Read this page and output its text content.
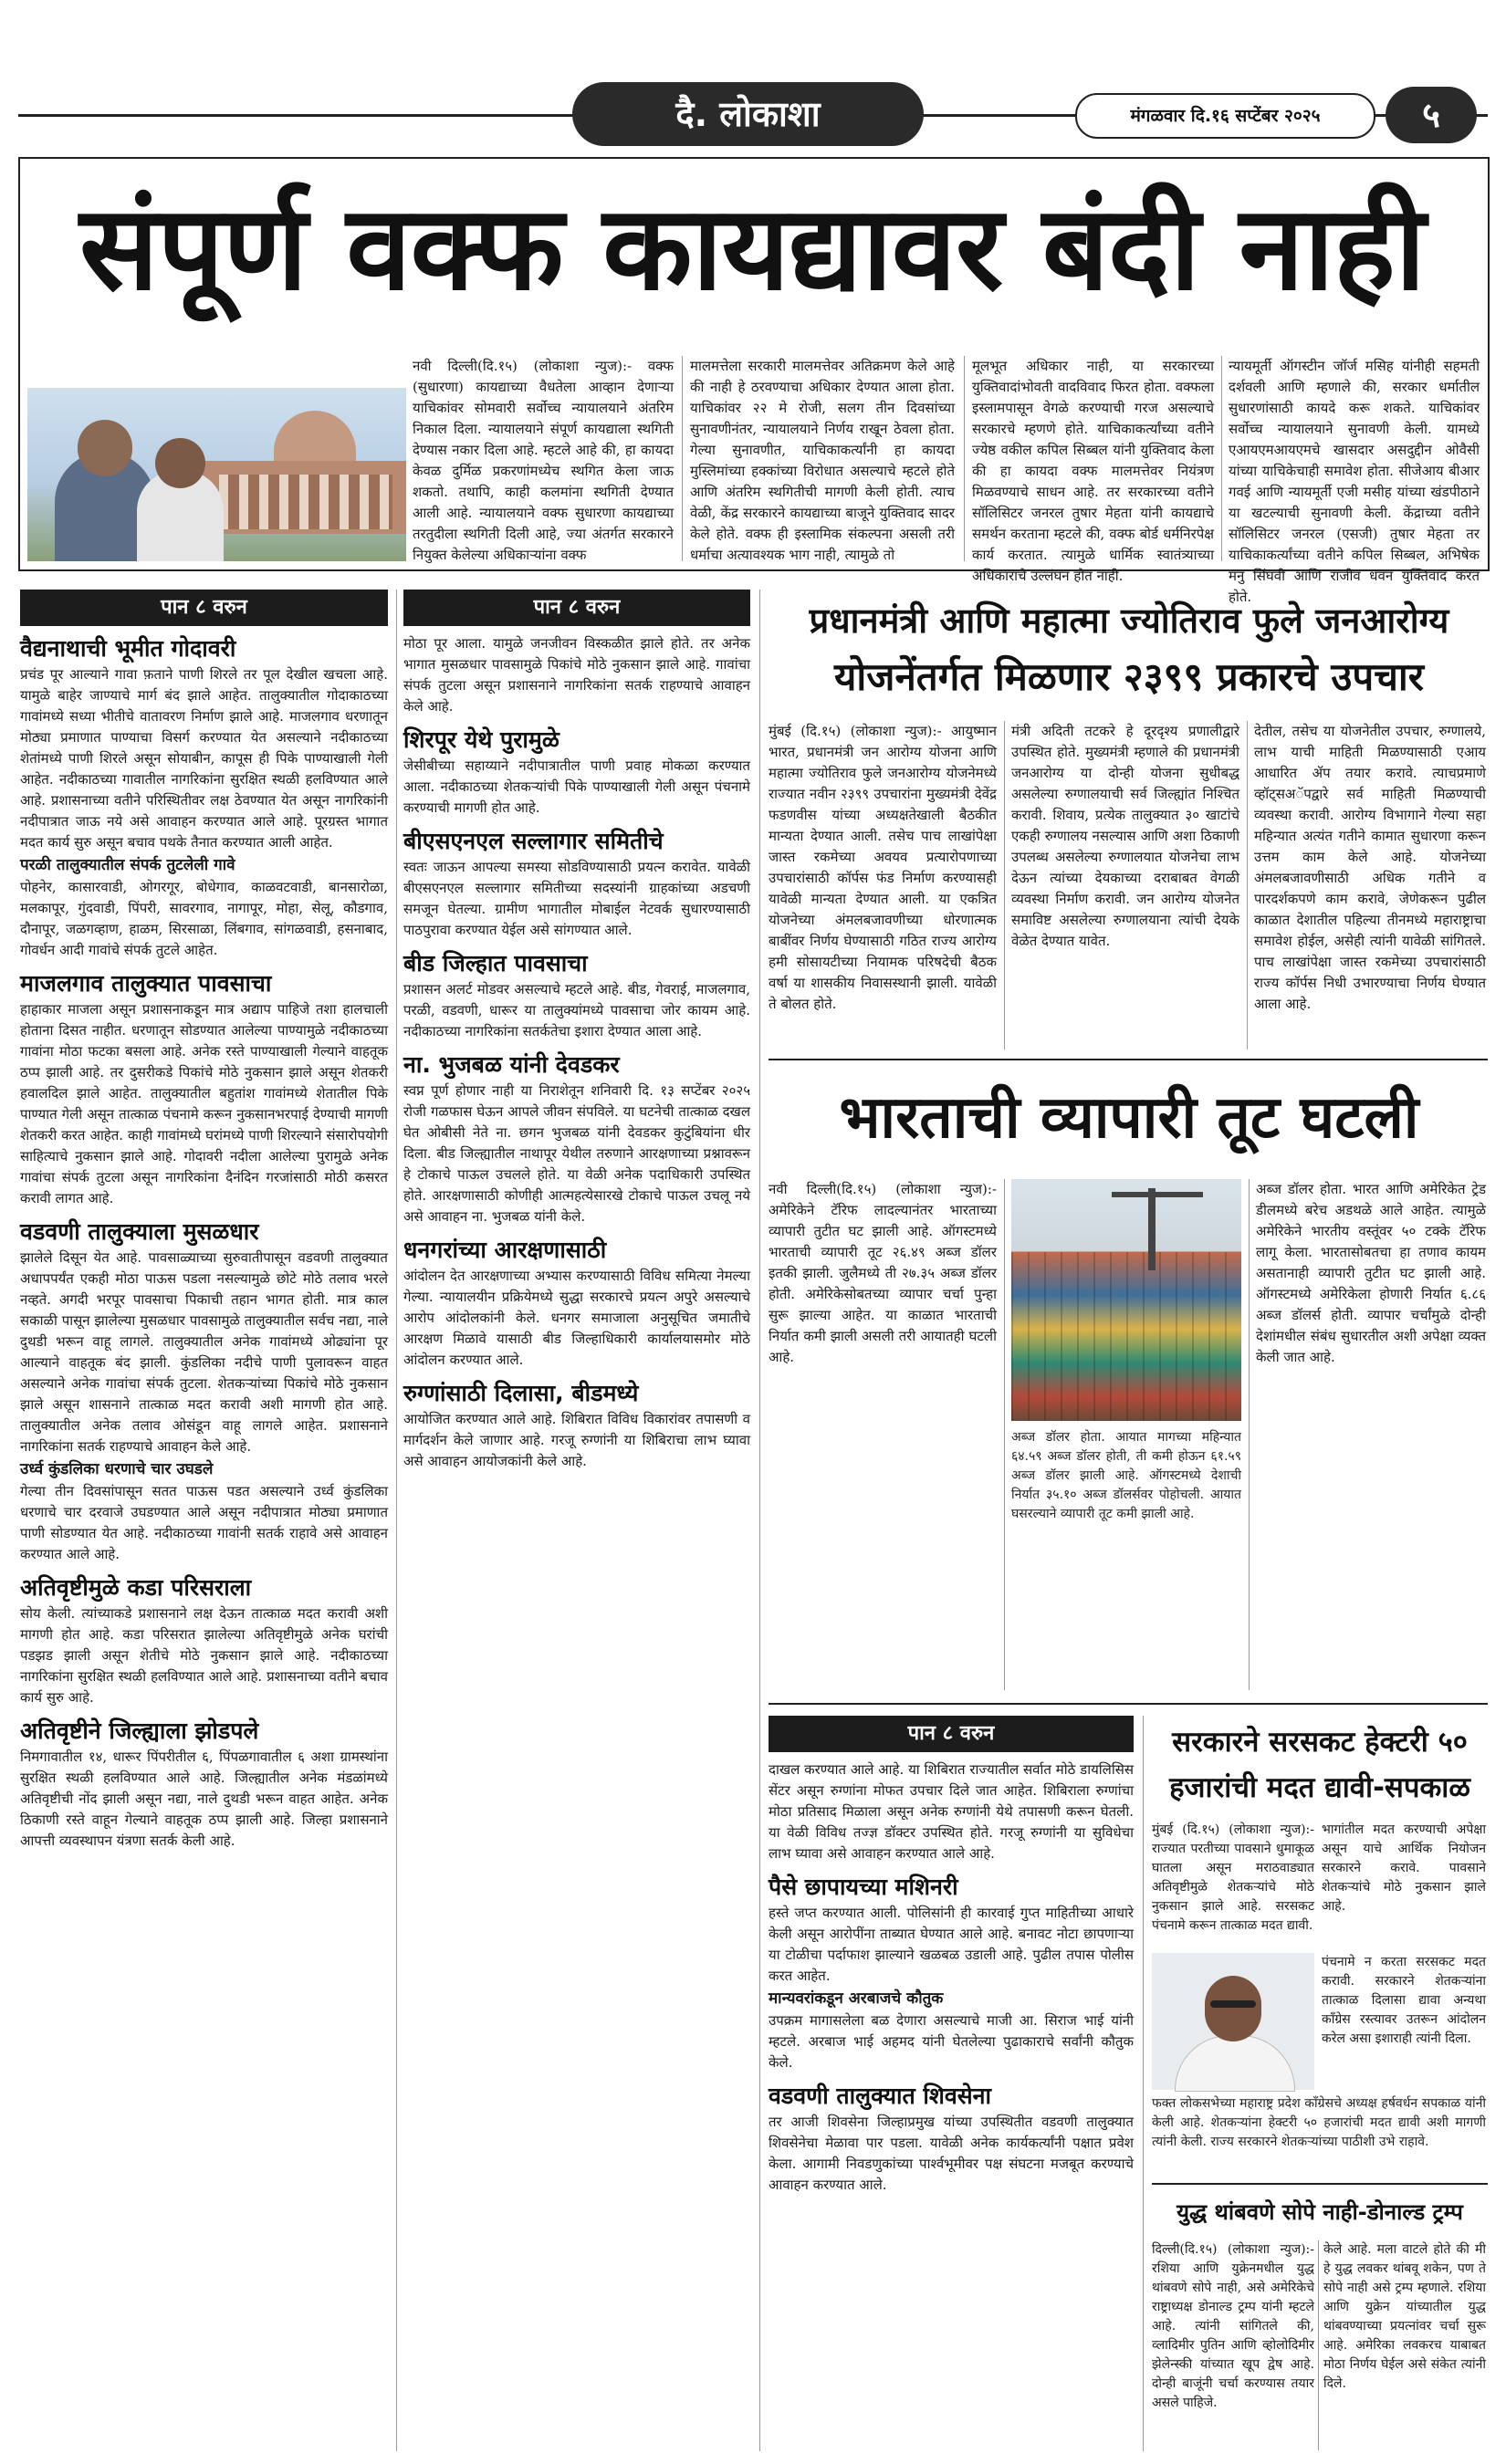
दै. लोकाशा	मंगळवार दि.१६ सप्टेंबर २०२५	५
संपूर्ण वक्फ कायद्यावर बंदी नाही
नवी दिल्ली(दि.१५) (लोकाशा न्युज):- वक्फ (सुधारणा) कायद्याच्या वैधतेला आव्हान देणाऱ्या याचिकांवर सोमवारी सर्वोच्च न्यायालयाने अंतरिम निकाल दिला. न्यायालयाने संपूर्ण कायद्याला स्थगिती देण्यास नकार दिला आहे. म्हटले आहे की, हा कायदा केवळ दुर्मिळ प्रकरणांमध्येच स्थगित केला जाऊ शकतो. तथापि, काही कलमांना स्थगिती देण्यात आली आहे. न्यायालयाने वक्फ सुधारणा कायद्याच्या तरतुदीला स्थगिती दिली आहे, ज्या अंतर्गत सरकारने नियुक्त केलेल्या अधिकाऱ्यांना वक्फ
मालमत्तेला सरकारी मालमत्तेवर अतिक्रमण केले आहे की नाही हे ठरवण्याचा अधिकार देण्यात आला होता. याचिकांवर २२ मे रोजी, सलग तीन दिवसांच्या सुनावणीनंतर, न्यायालयाने निर्णय राखून ठेवला होता. गेल्या सुनावणीत, याचिकाकर्त्यांनी हा कायदा मुस्लिमांच्या हक्कांच्या विरोधात असल्याचे म्हटले होते आणि अंतरिम स्थगितीची मागणी केली होती. त्याच वेळी, केंद्र सरकारने कायद्याच्या बाजूने युक्तिवाद सादर केले होते. वक्फ ही इस्लामिक संकल्पना असली तरी धर्माचा अत्यावश्यक भाग नाही, त्यामुळे तो
मूलभूत अधिकार नाही, या सरकारच्या युक्तिवादांभोवती वादविवाद फिरत होता. वक्फला इस्लामपासून वेगळे करण्याची गरज असल्याचे सरकारचे म्हणणे होते. याचिकाकर्त्यांच्या वतीने ज्येष्ठ वकील कपिल सिब्बल यांनी युक्तिवाद केला की हा कायदा वक्फ मालमत्तेवर नियंत्रण मिळवण्याचे साधन आहे. तर सरकारच्या वतीने सॉलिसिटर जनरल तुषार मेहता यांनी कायद्याचे समर्थन करताना म्हटले की, वक्फ बोर्ड धर्मनिरपेक्ष कार्य करतात. त्यामुळे धार्मिक स्वातंत्र्याच्या अधिकाराचे उल्लंघन होत नाही.
न्यायमूर्ती ऑगस्टीन जॉर्ज मसिह यांनीही सहमती दर्शवली आणि म्हणाले की, सरकार धर्मातील सुधारणांसाठी कायदे करू शकते. याचिकांवर सर्वोच्च न्यायालयाने सुनावणी केली. यामध्ये एआयएमआयएमचे खासदार असदुद्दीन ओवैसी यांच्या याचिकेचाही समावेश होता. सीजेआय बीआर गवई आणि न्यायमूर्ती एजी मसीह यांच्या खंडपीठाने या खटल्याची सुनावणी केली. केंद्राच्या वतीने सॉलिसिटर जनरल (एसजी) तुषार मेहता तर याचिकाकर्त्यांच्या वतीने कपिल सिब्बल, अभिषेक मनु सिंघवी आणि राजीव धवन युक्तिवाद करत होते.
पान ८ वरुन

वैद्यनाथाची भूमीत गोदावरी

प्रचंड पूर आल्याने गावा फ़ताने पाणी शिरले तर पूल देखील खचला आहे. यामुळे बाहेर जाण्याचे मार्ग बंद झाले आहेत. तालुक्यातील गोदाकाठच्या गावांमध्ये सध्या भीतीचे वातावरण निर्माण झाले आहे. माजलगाव धरणातून मोठ्या प्रमाणात पाण्याचा विसर्ग करण्यात येत असल्याने नदीकाठच्या शेतांमध्ये पाणी शिरले असून सोयाबीन, कापूस ही पिके पाण्याखाली गेली आहेत. नदीकाठच्या गावातील नागरिकांना सुरक्षित स्थळी हलविण्यात आले आहे. प्रशासनाच्या वतीने परिस्थितीवर लक्ष ठेवण्यात येत असून नागरिकांनी नदीपात्रात जाऊ नये असे आवाहन करण्यात आले आहे. पूरग्रस्त भागात मदत कार्य सुरु असून बचाव पथके तैनात करण्यात आली आहेत.

परळी तालुक्यातील संपर्क तुटलेली गावे

पोहनेर, कासारवाडी, ओगरगूर, बोधेगाव, काळवटवाडी, बानसारोळा, मलकापूर, गुंदवाडी, पिंपरी, सावरगाव, नागापूर, मोहा, सेलू, कौडगाव, दौनापूर, जळगव्हाण, हाळम, सिरसाळा, लिंबगाव, सांगळवाडी, हसनाबाद, गोवर्धन आदी गावांचे संपर्क तुटले आहेत.

माजलगाव तालुक्यात पावसाचा

हाहाकार माजला असून प्रशासनाकडून मात्र अद्याप पाहिजे तशा हालचाली होताना दिसत नाहीत. धरणातून सोडण्यात आलेल्या पाण्यामुळे नदीकाठच्या गावांना मोठा फटका बसला आहे. अनेक रस्ते पाण्याखाली गेल्याने वाहतूक ठप्प झाली आहे. तर दुसरीकडे पिकांचे मोठे नुकसान झाले असून शेतकरी हवालदिल झाले आहेत. तालुक्यातील बहुतांश गावांमध्ये शेतातील पिके पाण्यात गेली असून तात्काळ पंचनामे करून नुकसानभरपाई देण्याची मागणी शेतकरी करत आहेत. काही गावांमध्ये घरांमध्ये पाणी शिरल्याने संसारोपयोगी साहित्याचे नुकसान झाले आहे. गोदावरी नदीला आलेल्या पुरामुळे अनेक गावांचा संपर्क तुटला असून नागरिकांना दैनंदिन गरजांसाठी मोठी कसरत करावी लागत आहे.

वडवणी तालुक्याला मुसळधार

झालेले दिसून येत आहे. पावसाळ्याच्या सुरुवातीपासून वडवणी तालुक्यात अधापपर्यंत एकही मोठा पाऊस पडला नसल्यामुळे छोटे मोठे तलाव भरले नव्हते. अगदी भरपूर पावसाचा पिकाची तहान भागत होती. मात्र काल सकाळी पासून झालेल्या मुसळधार पावसामुळे तालुक्यातील सर्वच नद्या, नाले दुथडी भरून वाहू लागले. तालुक्यातील अनेक गावांमध्ये ओढ्यांना पूर आल्याने वाहतूक बंद झाली. कुंडलिका नदीचे पाणी पुलावरून वाहत असल्याने अनेक गावांचा संपर्क तुटला. शेतकऱ्यांच्या पिकांचे मोठे नुकसान झाले असून शासनाने तात्काळ मदत करावी अशी मागणी होत आहे. तालुक्यातील अनेक तलाव ओसंडून वाहू लागले आहेत. प्रशासनाने नागरिकांना सतर्क राहण्याचे आवाहन केले आहे.

उर्ध्व कुंडलिका धरणाचे चार उघडले

गेल्या तीन दिवसांपासून सतत पाऊस पडत असल्याने उर्ध्व कुंडलिका धरणाचे चार दरवाजे उघडण्यात आले असून नदीपात्रात मोठ्या प्रमाणात पाणी सोडण्यात येत आहे. नदीकाठच्या गावांनी सतर्क राहावे असे आवाहन करण्यात आले आहे.

अतिवृष्टीमुळे कडा परिसराला

सोय केली. त्यांच्याकडे प्रशासनाने लक्ष देऊन तात्काळ मदत करावी अशी मागणी होत आहे. कडा परिसरात झालेल्या अतिवृष्टीमुळे अनेक घरांची पडझड झाली असून शेतीचे मोठे नुकसान झाले आहे. नदीकाठच्या नागरिकांना सुरक्षित स्थळी हलविण्यात आले आहे. प्रशासनाच्या वतीने बचाव कार्य सुरु आहे.

अतिवृष्टीने जिल्ह्याला झोडपले

निमगावातील १४, धारूर पिंपरीतील ६, पिंपळगावातील ६ अशा ग्रामस्थांना सुरक्षित स्थळी हलविण्यात आले आहे. जिल्ह्यातील अनेक मंडळांमध्ये अतिवृष्टीची नोंद झाली असून नद्या, नाले दुथडी भरून वाहत आहेत. अनेक ठिकाणी रस्ते वाहून गेल्याने वाहतूक ठप्प झाली आहे. जिल्हा प्रशासनाने आपत्ती व्यवस्थापन यंत्रणा सतर्क केली आहे.

पान ८ वरुन

मोठा पूर आला. यामुळे जनजीवन विस्कळीत झाले होते. तर अनेक भागात मुसळधार पावसामुळे पिकांचे मोठे नुकसान झाले आहे. गावांचा संपर्क तुटला असून प्रशासनाने नागरिकांना सतर्क राहण्याचे आवाहन केले आहे.

शिरपूर येथे पुरामुळे

जेसीबीच्या सहाय्याने नदीपात्रातील पाणी प्रवाह मोकळा करण्यात आला. नदीकाठच्या शेतकऱ्यांची पिके पाण्याखाली गेली असून पंचनामे करण्याची मागणी होत आहे.

बीएसएनएल सल्लागार समितीचे

स्वतः जाऊन आपल्या समस्या सोडविण्यासाठी प्रयत्न करावेत. यावेळी बीएसएनएल सल्लागार समितीच्या सदस्यांनी ग्राहकांच्या अडचणी समजून घेतल्या. ग्रामीण भागातील मोबाईल नेटवर्क सुधारण्यासाठी पाठपुरावा करण्यात येईल असे सांगण्यात आले.

बीड जिल्हात पावसाचा

प्रशासन अलर्ट मोडवर असल्याचे म्हटले आहे. बीड, गेवराई, माजलगाव, परळी, वडवणी, धारूर या तालुक्यांमध्ये पावसाचा जोर कायम आहे. नदीकाठच्या नागरिकांना सतर्कतेचा इशारा देण्यात आला आहे.

ना. भुजबळ यांनी देवडकर

स्वप्न पूर्ण होणार नाही या निराशेतून शनिवारी दि. १३ सप्टेंबर २०२५ रोजी गळफास घेऊन आपले जीवन संपविले. या घटनेची तात्काळ दखल घेत ओबीसी नेते ना. छगन भुजबळ यांनी देवडकर कुटुंबियांना धीर दिला. बीड जिल्ह्यातील नाथापूर येथील तरुणाने आरक्षणाच्या प्रश्नावरून हे टोकाचे पाऊल उचलले होते. या वेळी अनेक पदाधिकारी उपस्थित होते. आरक्षणासाठी कोणीही आत्महत्येसारखे टोकाचे पाऊल उचलू नये असे आवाहन ना. भुजबळ यांनी केले.

धनगरांच्या आरक्षणासाठी

आंदोलन देत आरक्षणाच्या अभ्यास करण्यासाठी विविध समित्या नेमल्या गेल्या. न्यायालयीन प्रक्रियेमध्ये सुद्धा सरकारचे प्रयत्न अपुरे असल्याचे आरोप आंदोलकांनी केले. धनगर समाजाला अनुसूचित जमातीचे आरक्षण मिळावे यासाठी बीड जिल्हाधिकारी कार्यालयासमोर मोठे आंदोलन करण्यात आले.

रुग्णांसाठी दिलासा, बीडमध्ये

आयोजित करण्यात आले आहे. शिबिरात विविध विकारांवर तपासणी व मार्गदर्शन केले जाणार आहे. गरजू रुग्णांनी या शिबिराचा लाभ घ्यावा असे आवाहन आयोजकांनी केले आहे.

प्रधानमंत्री आणि महात्मा ज्योतिराव फुले जनआरोग्य
योजनेंतर्गत मिळणार २३९९ प्रकारचे उपचार
मुंबई (दि.१५) (लोकाशा न्युज):- आयुष्मान भारत, प्रधानमंत्री जन आरोग्य योजना आणि महात्मा ज्योतिराव फुले जनआरोग्य योजनेमध्ये राज्यात नवीन २३९९ उपचारांना मुख्यमंत्री देवेंद्र फडणवीस यांच्या अध्यक्षतेखाली बैठकीत मान्यता देण्यात आली. तसेच पाच लाखांपेक्षा जास्त रकमेच्या अवयव प्रत्यारोपणाच्या उपचारांसाठी कॉर्पस फंड निर्माण करण्यासही यावेळी मान्यता देण्यात आली. या एकत्रित योजनेच्या अंमलबजावणीच्या धोरणात्मक बाबींवर निर्णय घेण्यासाठी गठित राज्य आरोग्य हमी सोसायटीच्या नियामक परिषदेची बैठक वर्षा या शासकीय निवासस्थानी झाली. यावेळी ते बोलत होते.
मंत्री अदिती तटकरे हे दूरदृश्य प्रणालीद्वारे उपस्थित होते. मुख्यमंत्री म्हणाले की प्रधानमंत्री जनआरोग्य या दोन्ही योजना सुधीबद्ध असलेल्या रुग्णालयाची सर्व जिल्ह्यांत निश्चित करावी. शिवाय, प्रत्येक तालुक्यात ३० खाटांचे एकही रुग्णालय नसल्यास आणि अशा ठिकाणी उपलब्ध असलेल्या रुग्णालयात योजनेचा लाभ देऊन त्यांच्या देयकाच्या दराबाबत वेगळी व्यवस्था निर्माण करावी. जन आरोग्य योजनेत समाविष्ट असलेल्या रुग्णालयाना त्यांची देयके वेळेत देण्यात यावेत.
देतील, तसेच या योजनेतील उपचार, रुग्णालये, लाभ याची माहिती मिळण्यासाठी एआय आधारित ॲप तयार करावे. त्याचप्रमाणे व्हॉट्सअॅपद्वारे सर्व माहिती मिळण्याची व्यवस्था करावी. आरोग्य विभागाने गेल्या सहा महिन्यात अत्यंत गतीने कामात सुधारणा करून उत्तम काम केले आहे. योजनेच्या अंमलबजावणीसाठी अधिक गतीने व पारदर्शकपणे काम करावे, जेणेकरून पुढील काळात देशातील पहिल्या तीनमध्ये महाराष्ट्राचा समावेश होईल, असेही त्यांनी यावेळी सांगितले. पाच लाखांपेक्षा जास्त रकमेच्या उपचारांसाठी राज्य कॉर्पस निधी उभारण्याचा निर्णय घेण्यात आला आहे.
भारताची व्यापारी तूट घटली
नवी दिल्ली(दि.१५) (लोकाशा न्युज):- अमेरिकेने टॅरिफ लादल्यानंतर भारताच्या व्यापारी तुटीत घट झाली आहे. ऑगस्टमध्ये भारताची व्यापारी तूट २६.४९ अब्ज डॉलर इतकी झाली. जुलैमध्ये ती २७.३५ अब्ज डॉलर होती. अमेरिकेसोबतच्या व्यापार चर्चा पुन्हा सुरू झाल्या आहेत. या काळात भारताची निर्यात कमी झाली असली तरी आयातही घटली आहे.
अब्ज डॉलर होता. आयात मागच्या महिन्यात ६४.५९ अब्ज डॉलर होती, ती कमी होऊन ६१.५९ अब्ज डॉलर झाली आहे. ऑगस्टमध्ये देशाची निर्यात ३५.१० अब्ज डॉलर्सवर पोहोचली. आयात घसरल्याने व्यापारी तूट कमी झाली आहे.
अब्ज डॉलर होता. भारत आणि अमेरिकेत ट्रेड डीलमध्ये बरेच अडथळे आले आहेत. त्यामुळे अमेरिकेने भारतीय वस्तूंवर ५० टक्के टॅरिफ लागू केला. भारतासोबतचा हा तणाव कायम असतानाही व्यापारी तुटीत घट झाली आहे. ऑगस्टमध्ये अमेरिकेला होणारी निर्यात ६.८६ अब्ज डॉलर्स होती. व्यापार चर्चांमुळे दोन्ही देशांमधील संबंध सुधारतील अशी अपेक्षा व्यक्त केली जात आहे.
पान ८ वरुन

दाखल करण्यात आले आहे. या शिबिरात राज्यातील सर्वात मोठे डायलिसिस सेंटर असून रुग्णांना मोफत उपचार दिले जात आहेत. शिबिराला रुग्णांचा मोठा प्रतिसाद मिळाला असून अनेक रुग्णांनी येथे तपासणी करून घेतली. या वेळी विविध तज्ज्ञ डॉक्टर उपस्थित होते. गरजू रुग्णांनी या सुविधेचा लाभ घ्यावा असे आवाहन करण्यात आले आहे.

पैसे छापायच्या मशिनरी

हस्ते जप्त करण्यात आली. पोलिसांनी ही कारवाई गुप्त माहितीच्या आधारे केली असून आरोपींना ताब्यात घेण्यात आले आहे. बनावट नोटा छापणाऱ्या या टोळीचा पर्दाफाश झाल्याने खळबळ उडाली आहे. पुढील तपास पोलीस करत आहेत.

मान्यवरांकडून अरबाजचे कौतुक

उपक्रम मागासलेला बळ देणारा असल्याचे माजी आ. सिराज भाई यांनी म्हटले. अरबाज भाई अहमद यांनी घेतलेल्या पुढाकाराचे सर्वांनी कौतुक केले.

वडवणी तालुक्यात शिवसेना

तर आजी शिवसेना जिल्हाप्रमुख यांच्या उपस्थितीत वडवणी तालुक्यात शिवसेनेचा मेळावा पार पडला. यावेळी अनेक कार्यकर्त्यांनी पक्षात प्रवेश केला. आगामी निवडणुकांच्या पार्श्वभूमीवर पक्ष संघटना मजबूत करण्याचे आवाहन करण्यात आले.

सरकारने सरसकट हेक्टरी ५०
हजारांची मदत द्यावी-सपकाळ
मुंबई (दि.१५) (लोकाशा न्युज):- राज्यात परतीच्या पावसाने धुमाकूळ घातला असून मराठवाड्यात अतिवृष्टीमुळे शेतकऱ्यांचे मोठे नुकसान झाले आहे. सरसकट पंचनामे करून तात्काळ मदत द्यावी.
भागांतील मदत करण्याची अपेक्षा असून याचे आर्थिक नियोजन सरकारने करावे. पावसाने शेतकऱ्यांचे मोठे नुकसान झाले आहे.
पंचनामे न करता सरसकट मदत करावी. सरकारने शेतकऱ्यांना तात्काळ दिलासा द्यावा अन्यथा काँग्रेस रस्त्यावर उतरून आंदोलन करेल असा इशाराही त्यांनी दिला.
फक्त लोकसभेच्या महाराष्ट्र प्रदेश काँग्रेसचे अध्यक्ष हर्षवर्धन सपकाळ यांनी केली आहे. शेतकऱ्यांना हेक्टरी ५० हजारांची मदत द्यावी अशी मागणी त्यांनी केली. राज्य सरकारने शेतकऱ्यांच्या पाठीशी उभे राहावे.
युद्ध थांबवणे सोपे नाही-डोनाल्ड ट्रम्प
दिल्ली(दि.१५) (लोकाशा न्युज):- रशिया आणि युक्रेनमधील युद्ध थांबवणे सोपे नाही, असे अमेरिकेचे राष्ट्राध्यक्ष डोनाल्ड ट्रम्प यांनी म्हटले आहे. त्यांनी सांगितले की, व्लादिमीर पुतिन आणि व्होलोदिमीर झेलेन्स्की यांच्यात खूप द्वेष आहे. दोन्ही बाजूंनी चर्चा करण्यास तयार असले पाहिजे.
केले आहे. मला वाटले होते की मी हे युद्ध लवकर थांबवू शकेन, पण ते सोपे नाही असे ट्रम्प म्हणाले. रशिया आणि युक्रेन यांच्यातील युद्ध थांबवण्याच्या प्रयत्नांवर चर्चा सुरू आहे. अमेरिका लवकरच याबाबत मोठा निर्णय घेईल असे संकेत त्यांनी दिले.
